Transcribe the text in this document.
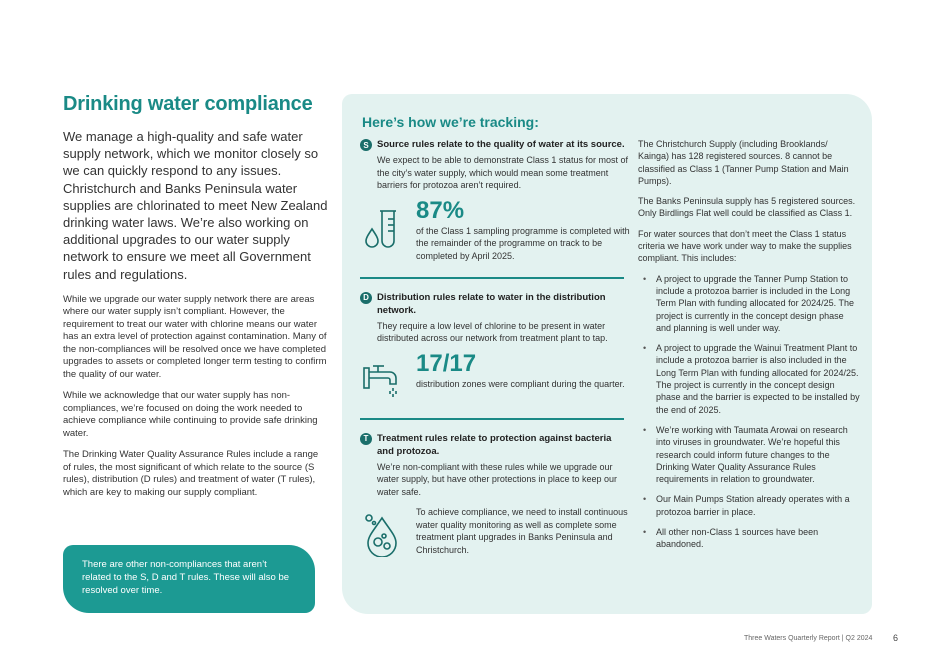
Drinking water compliance

We manage a high-quality and safe water supply network, which we monitor closely so we can quickly respond to any issues. Christchurch and Banks Peninsula water supplies are chlorinated to meet New Zealand drinking water laws. We’re also working on additional upgrades to our water supply network to ensure we meet all Government rules and regulations.

While we upgrade our water supply network there are areas where our water supply isn’t compliant. However, the requirement to treat our water with chlorine means our water has an extra level of protection against contamination. Many of the non-compliances will be resolved once we have completed upgrades to assets or completed longer term testing to confirm the quality of our water.

While we acknowledge that our water supply has non-compliances, we’re focused on doing the work needed to achieve compliance while continuing to provide safe drinking water.

The Drinking Water Quality Assurance Rules include a range of rules, the most significant of which relate to the source (S rules), distribution (D rules) and treatment of water (T rules), which are key to making our supply compliant.

There are other non-compliances that aren’t related to the S, D and T rules. These will also be resolved over time.

Here’s how we’re tracking:
S Source rules relate to the quality of water at its source.

We expect to be able to demonstrate Class 1 status for most of the city’s water supply, which would mean some treatment barriers for protozoa aren’t required.

87%
of the Class 1 sampling programme is completed with the remainder of the programme on track to be completed by April 2025.
D Distribution rules relate to water in the distribution network.

They require a low level of chlorine to be present in water distributed across our network from treatment plant to tap.

17/17
distribution zones were compliant during the quarter.
T Treatment rules relate to protection against bacteria and protozoa.

We’re non-compliant with these rules while we upgrade our water supply, but have other protections in place to keep our water safe.

To achieve compliance, we need to install continuous water quality monitoring as well as complete some treatment plant upgrades in Banks Peninsula and Christchurch.

The Christchurch Supply (including Brooklands/ Kainga) has 128 registered sources. 8 cannot be classified as Class 1 (Tanner Pump Station and Main Pumps).

The Banks Peninsula supply has 5 registered sources. Only Birdlings Flat well could be classified as Class 1.

For water sources that don’t meet the Class 1 status criteria we have work under way to make the supplies compliant. This includes:

• A project to upgrade the Tanner Pump Station to include a protozoa barrier is included in the Long Term Plan with funding allocated for 2024/25. The project is currently in the concept design phase and planning is well under way.
• A project to upgrade the Wainui Treatment Plant to include a protozoa barrier is also included in the Long Term Plan with funding allocated for 2024/25. The project is currently in the concept design phase and the barrier is expected to be installed by the end of 2025.
• We’re working with Taumata Arowai on research into viruses in groundwater. We’re hopeful this research could inform future changes to the Drinking Water Quality Assurance Rules requirements in relation to groundwater.
• Our Main Pumps Station already operates with a protozoa barrier in place.
• All other non-Class 1 sources have been abandoned.
Three Waters Quarterly Report | Q2 2024 6
